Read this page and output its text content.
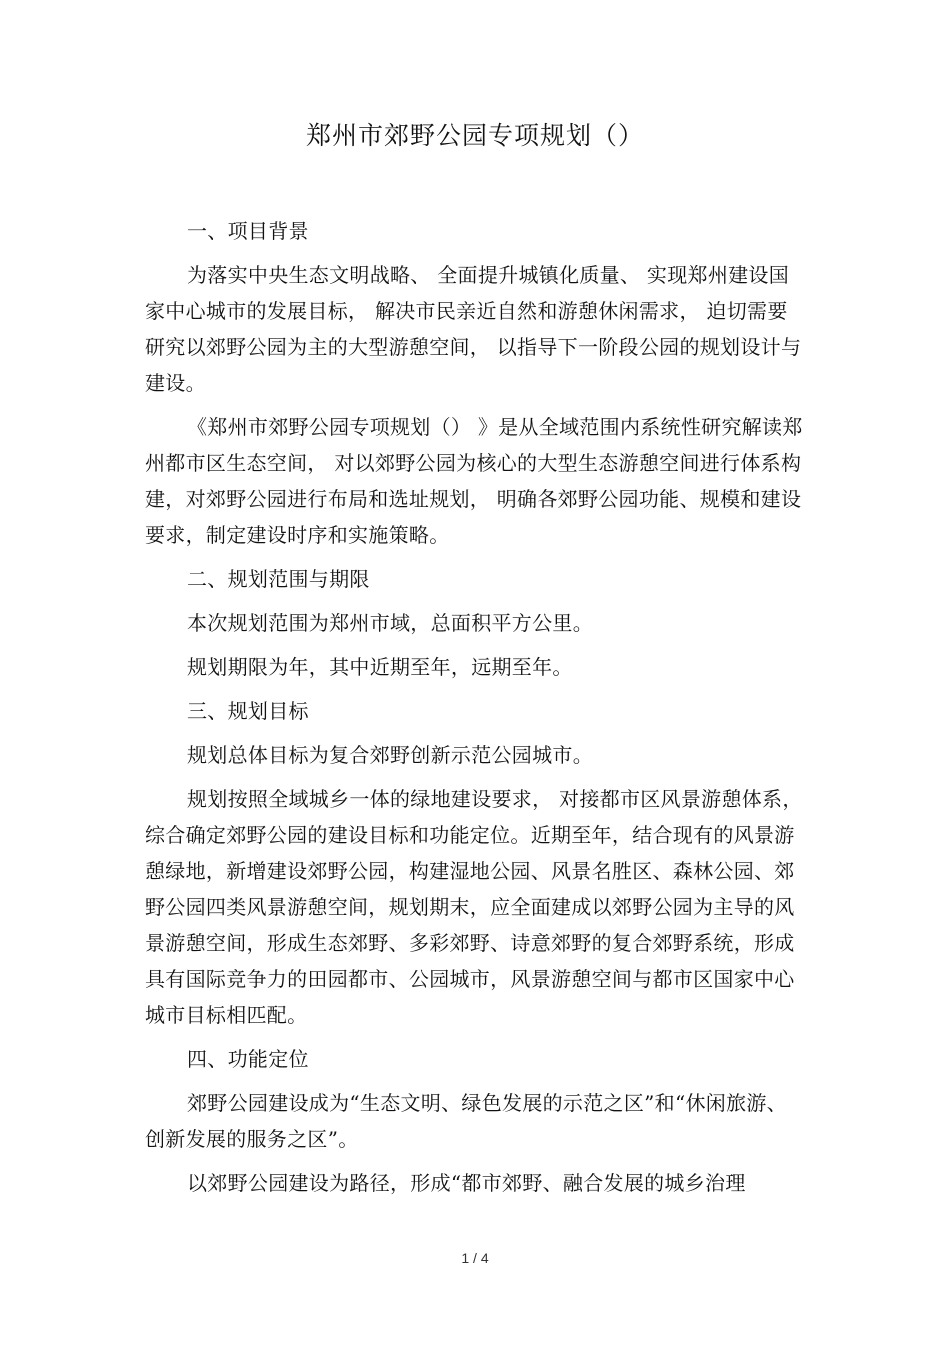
郑州市郊野公园专项规划（）

一、项目背景

为落实中央生态文明战略、 全面提升城镇化质量、 实现郑州建设国家中心城市的发展目标， 解决市民亲近自然和游憩休闲需求， 迫切需要研究以郊野公园为主的大型游憩空间， 以指导下一阶段公园的规划设计与建设。

《郑州市郊野公园专项规划（） 》是从全域范围内系统性研究解读郑州都市区生态空间， 对以郊野公园为核心的大型生态游憩空间进行体系构建，对郊野公园进行布局和选址规划， 明确各郊野公园功能、规模和建设要求，制定建设时序和实施策略。

二、规划范围与期限

本次规划范围为郑州市域，总面积平方公里。

规划期限为年，其中近期至年，远期至年。

三、规划目标

规划总体目标为复合郊野创新示范公园城市。

规划按照全域城乡一体的绿地建设要求， 对接都市区风景游憩体系，综合确定郊野公园的建设目标和功能定位。近期至年，结合现有的风景游憩绿地，新增建设郊野公园，构建湿地公园、风景名胜区、森林公园、郊野公园四类风景游憩空间，规划期末，应全面建成以郊野公园为主导的风景游憩空间，形成生态郊野、多彩郊野、诗意郊野的复合郊野系统，形成具有国际竞争力的田园都市、公园城市，风景游憩空间与都市区国家中心城市目标相匹配。

四、功能定位

郊野公园建设成为“生态文明、绿色发展的示范之区”和“休闲旅游、创新发展的服务之区”。

以郊野公园建设为路径，形成“都市郊野、融合发展的城乡治理

1 / 4
